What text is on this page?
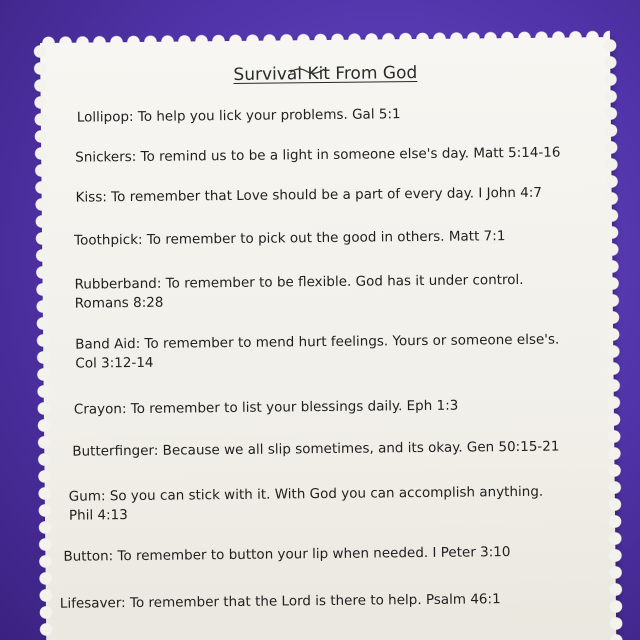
Survival Kit From God
Lollipop: To help you lick your problems. Gal 5:1
Snickers: To remind us to be a light in someone else's day. Matt 5:14-16
Kiss: To remember that Love should be a part of every day. I John 4:7
Toothpick: To remember to pick out the good in others. Matt 7:1
Rubberband: To remember to be flexible. God has it under control.
Romans 8:28
Band Aid: To remember to mend hurt feelings. Yours or someone else's.
Col 3:12-14
Crayon: To remember to list your blessings daily. Eph 1:3
Butterfinger: Because we all slip sometimes, and its okay. Gen 50:15-21
Gum: So you can stick with it. With God you can accomplish anything.
Phil 4:13
Button: To remember to button your lip when needed. I Peter 3:10
Lifesaver: To remember that the Lord is there to help. Psalm 46:1
